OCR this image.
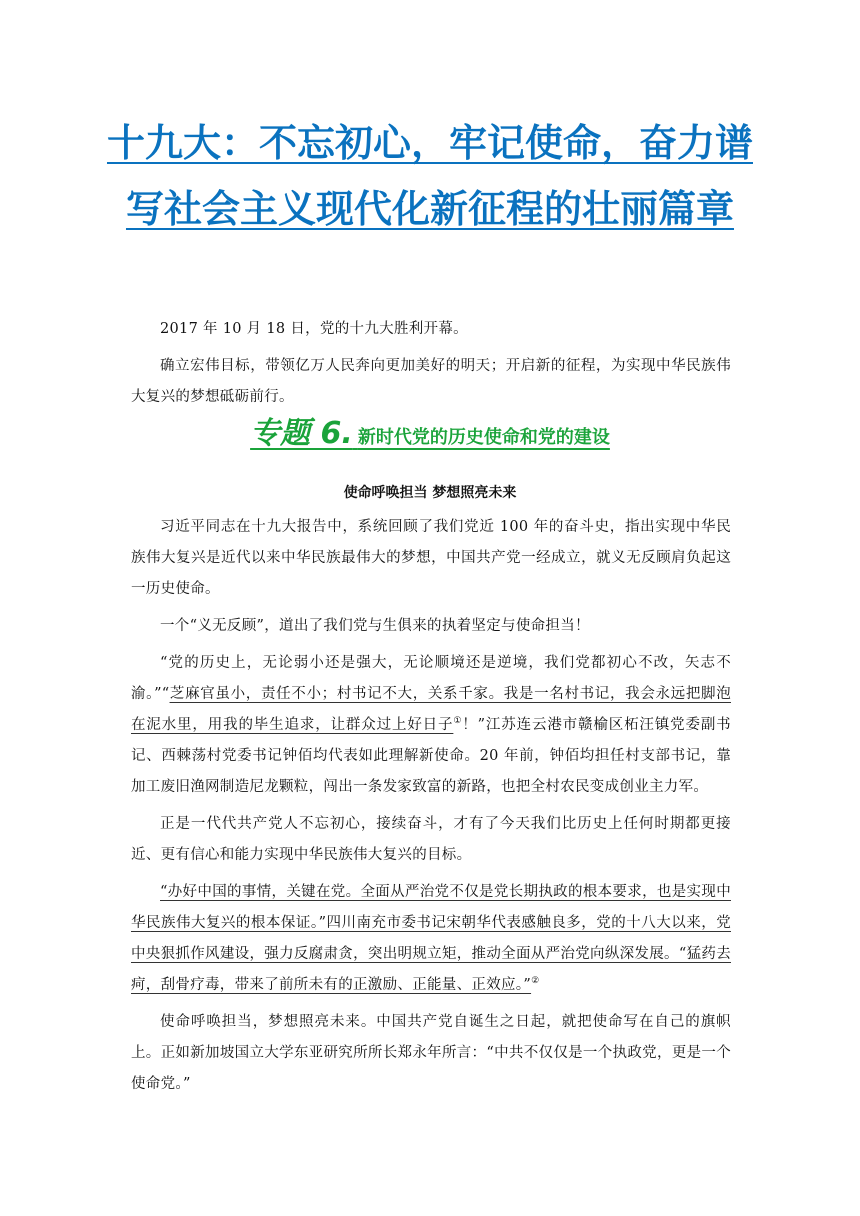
十九大：不忘初心，牢记使命，奋力谱写社会主义现代化新征程的壮丽篇章

2017 年 10 月 18 日，党的十九大胜利开幕。

确立宏伟目标，带领亿万人民奔向更加美好的明天；开启新的征程，为实现中华民族伟大复兴的梦想砥砺前行。

专题 6. 新时代党的历史使命和党的建设
使命呼唤担当 梦想照亮未来

习近平同志在十九大报告中，系统回顾了我们党近 100 年的奋斗史，指出实现中华民族伟大复兴是近代以来中华民族最伟大的梦想，中国共产党一经成立，就义无反顾肩负起这一历史使命。

一个“义无反顾”，道出了我们党与生俱来的执着坚定与使命担当！

“党的历史上，无论弱小还是强大，无论顺境还是逆境，我们党都初心不改，矢志不渝。”“芝麻官虽小，责任不小；村书记不大，关系千家。我是一名村书记，我会永远把脚泡在泥水里，用我的毕生追求，让群众过上好日子①！”江苏连云港市赣榆区柘汪镇党委副书记、西棘荡村党委书记钟佰均代表如此理解新使命。20 年前，钟佰均担任村支部书记，靠加工废旧渔网制造尼龙颗粒，闯出一条发家致富的新路，也把全村农民变成创业主力军。

正是一代代共产党人不忘初心，接续奋斗，才有了今天我们比历史上任何时期都更接近、更有信心和能力实现中华民族伟大复兴的目标。

“办好中国的事情，关键在党。全面从严治党不仅是党长期执政的根本要求，也是实现中华民族伟大复兴的根本保证。”四川南充市委书记宋朝华代表感触良多，党的十八大以来，党中央狠抓作风建设，强力反腐肃贪，突出明规立矩，推动全面从严治党向纵深发展。“猛药去疴，刮骨疗毒，带来了前所未有的正激励、正能量、正效应。”②

使命呼唤担当，梦想照亮未来。中国共产党自诞生之日起，就把使命写在自己的旗帜上。正如新加坡国立大学东亚研究所所长郑永年所言：“中共不仅仅是一个执政党，更是一个使命党。”
